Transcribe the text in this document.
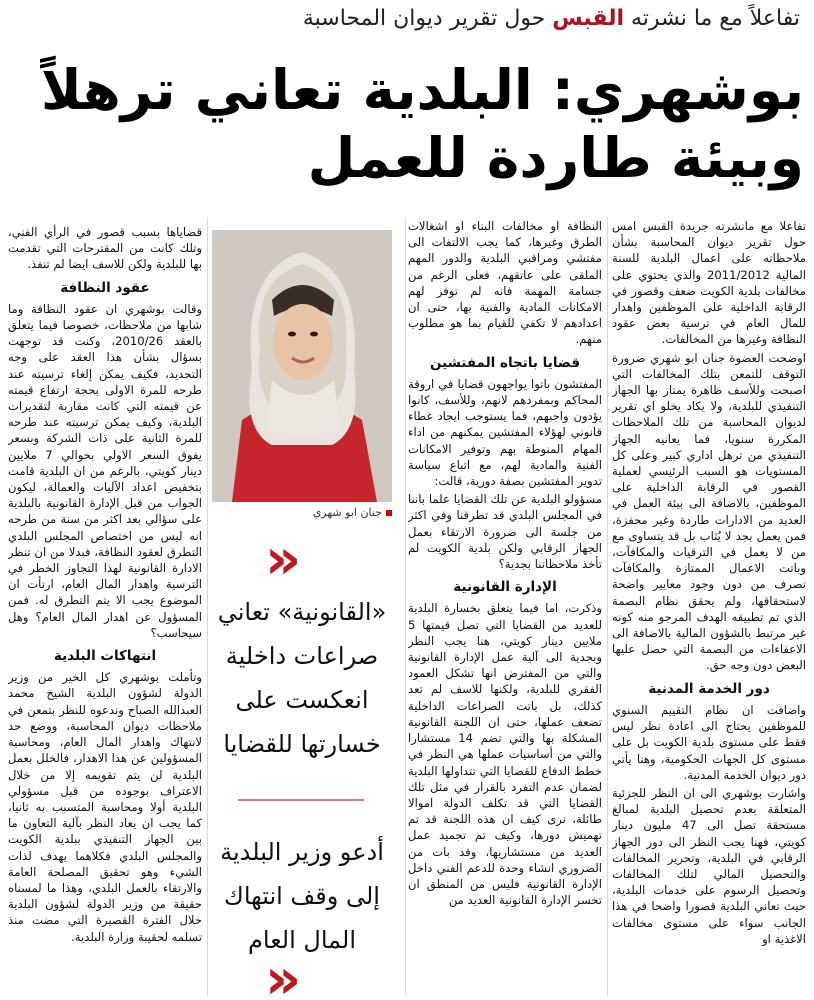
تفاعلاً مع ما نشرته القبس حول تقرير ديوان المحاسبة
بوشهري: البلدية تعاني ترهلاً
وبيئة طاردة للعمل

تفاعلا مع مانشرته جريدة القبس امس حول تقرير ديوان المحاسبة بشأن ملاحظاته على اعمال البلدية للسنة المالية 2011/2012 والذي يحتوي على مخالفات بلدية الكويت ضعف وقصور في الرقابة الداخلية على الموظفين واهدار للمال العام في ترسية بعض عقود النظافة وغيرها من المخالفات.

اوضحت العضوة جنان ابو شهري ضرورة التوقف للتمعن بتلك المخالفات التي اصبحت وللأسف ظاهرة يمتاز بها الجهاز التنفيذي للبلدية، ولا يكاد يخلو اي تقرير لديوان المحاسبة من تلك الملاحظات المكررة سنويا، فما يعانيه الجهاز التنفيذي من ترهل اداري كبير وعلى كل المستويات هو السبب الرئيسي لعملية القصور في الرقابة الداخلية على الموظفين، بالاضافة الى بيئة العمل في العديد من الادارات طاردة وغير محفزة، فمن يعمل بجد لا يُثاب بل قد يتساوى مع من لا يعمل في الترقيات والمكافآت، وباتت الاعمال الممتازة والمكافآت تصرف من دون وجود معايير واضحة لاستحقاقها، ولم يحقق نظام البصمة الذي تم تطبيقه الهدف المرجو منه كونه غير مرتبط بالشؤون المالية بالاضافة الى الاعفاءات من البصمة التي حصل عليها البعض دون وجه حق.

دور الخدمة المدنية

واضافت ان نظام التقييم السنوي للموظفين يحتاج الى اعادة نظر ليس فقط على مستوى بلدية الكويت بل على مستوى كل الجهات الحكومية، وهنا يأتي دور ديوان الخدمة المدنية.

واشارت بوشهري الى ان النظر للجزئية المتعلقة بعدم تحصيل البلدية لمبالغ مستحقة تصل الى 47 مليون دينار كويتي، فهنا يجب النظر الى دور الجهاز الرقابي في البلدية، وتحرير المخالفات والتحصيل المالي لتلك المخالفات وتحصيل الرسوم على خدمات البلدية، حيث تعاني البلدية قصورا واضحا في هذا الجانب سواء على مستوى مخالفات الاغذية او

النظافة او مخالفات البناء او اشغالات الطرق وغيرها، كما يجب الالتفات الى مفتشي ومراقبي البلدية والدور المهم الملقى على عاتقهم، فعلى الرغم من جسامة المهمة فانه لم توفر لهم الامكانات المادية والفنية بها، حتى ان اعدادهم لا تكفي للقيام بما هو مطلوب منهم.

قضايا باتجاه المفتشين

المفتشون باتوا يواجهون قضايا في اروقة المحاكم وبمفردهم لانهم، وللأسف، كانوا يؤدون واجبهم، فما يستوجب ايجاد غطاء قانوني لهؤلاء المفتشين يمكنهم من اداء المهام المنوطة بهم وتوفير الامكانات الفنية والمادية لهم، مع اتباع سياسة تدوير المفتشين بصفة دورية، قالت:

مسؤولو البلدية عن تلك القضايا علما باننا في المجلس البلدي قد تطرقنا وفي اكثر من جلسة الى ضرورة الارتقاء بعمل الجهاز الرقابي ولكن بلدية الكويت لم تأخذ ملاحظاتنا بجدية؟

الإدارة القانونية

وذكرت، اما فيما يتعلق بخسارة البلدية للعديد من القضايا التي تصل قيمتها 5 ملايين دينار كويتي، هنا يجب النظر وبجدية الى آلية عمل الإدارة القانونية والتي من المفترض انها تشكل العمود الفقري للبلدية، ولكنها للاسف لم تعد كذلك، بل باتت الصراعات الداخلية تضعف عملها، حتى ان اللجنة القانونية المشكلة بها والتي تضم 14 مستشارا والتي من أساسيات عملها هي النظر في خطط الدفاع للقضايا التي تتداولها البلدية لضمان عدم التفرد بالقرار في مثل تلك القضايا التي قد تكلف الدولة اموالا طائلة، نرى كيف ان هذه اللجنة قد تم تهميش دورها، وكيف تم تجميد عمل العديد من مستشاريها، وقد بات من الضروري انشاء وحدة للدعم الفني داخل الإدارة القانونية فليس من المنطق ان تخسر الإدارة القانونية العديد من

جنان ابو شهري
»
«القانونية» تعاني صراعات داخلية انعكست على خسارتها للقضايا
أدعو وزير البلدية إلى وقف انتهاك المال العام
»

قضاياها بسبب قصور في الرأي الفني، وتلك كانت من المقترحات التي تقدمت بها للبلدية ولكن للاسف ايضا لم تنفذ.

عقود النظافة

وقالت بوشهري ان عقود النظافة وما شابها من ملاحظات، خصوصا فيما يتعلق بالعقد 2010/26، وكنت قد توجهت بسؤال بشأن هذا العقد على وجه التحديد، فكيف يمكن إلغاء ترسيته عند طرحه للمرة الاولى بحجة ارتفاع قيمته عن قيمته التي كانت مقاربة لتقديرات البلدية، وكيف يمكن ترسيته عند طرحه للمرة الثانية على ذات الشركة وبسعر يفوق السعر الاولي بحوالي 7 ملايين دينار كويتي، بالرغم من ان البلدية قامت بتخفيض اعداد الآليات والعمالة، ليكون الجواب من قبل الإدارة القانونية بالبلدية على سؤالي بعد اكثر من سنة من طرحه انه ليس من اختصاص المجلس البلدي التطرق لعقود النظافة، فبدلا من ان تنظر الادارة القانونية لهذا التجاوز الخطر في الترسية واهدار المال العام، ارتأت ان الموضوع يجب الا يتم التطرق له. فمن المسؤول عن اهدار المال العام؟ وهل سيحاسب؟

انتهاكات البلدية

وتأملت بوشهري كل الخير من وزير الدولة لشؤون البلدية الشيخ محمد العبدالله الصباح وندعوه للنظر بتمعن في ملاحظات ديوان المحاسبة، ووضع حد لانتهاك واهدار المال العام، ومحاسبة المسؤولين عن هذا الاهدار، فالخلل بعمل البلدية لن يتم تقويمه إلا من خلال الاعتراف بوجوده من قبل مسؤولي البلدية أولا ومحاسبة المتسبب به ثانيا، كما يجب ان يعاد النظر بآلية التعاون ما بين الجهاز التنفيذي ببلدية الكويت والمجلس البلدي فكلاهما يهدف لذات الشيء وهو تحقيق المصلحة العامة والارتقاء بالعمل البلدي، وهذا ما لمسناه حقيقة من وزير الدولة لشؤون البلدية خلال الفترة القصيرة التي مضت منذ تسلمه لحقيبة وزارة البلدية.
